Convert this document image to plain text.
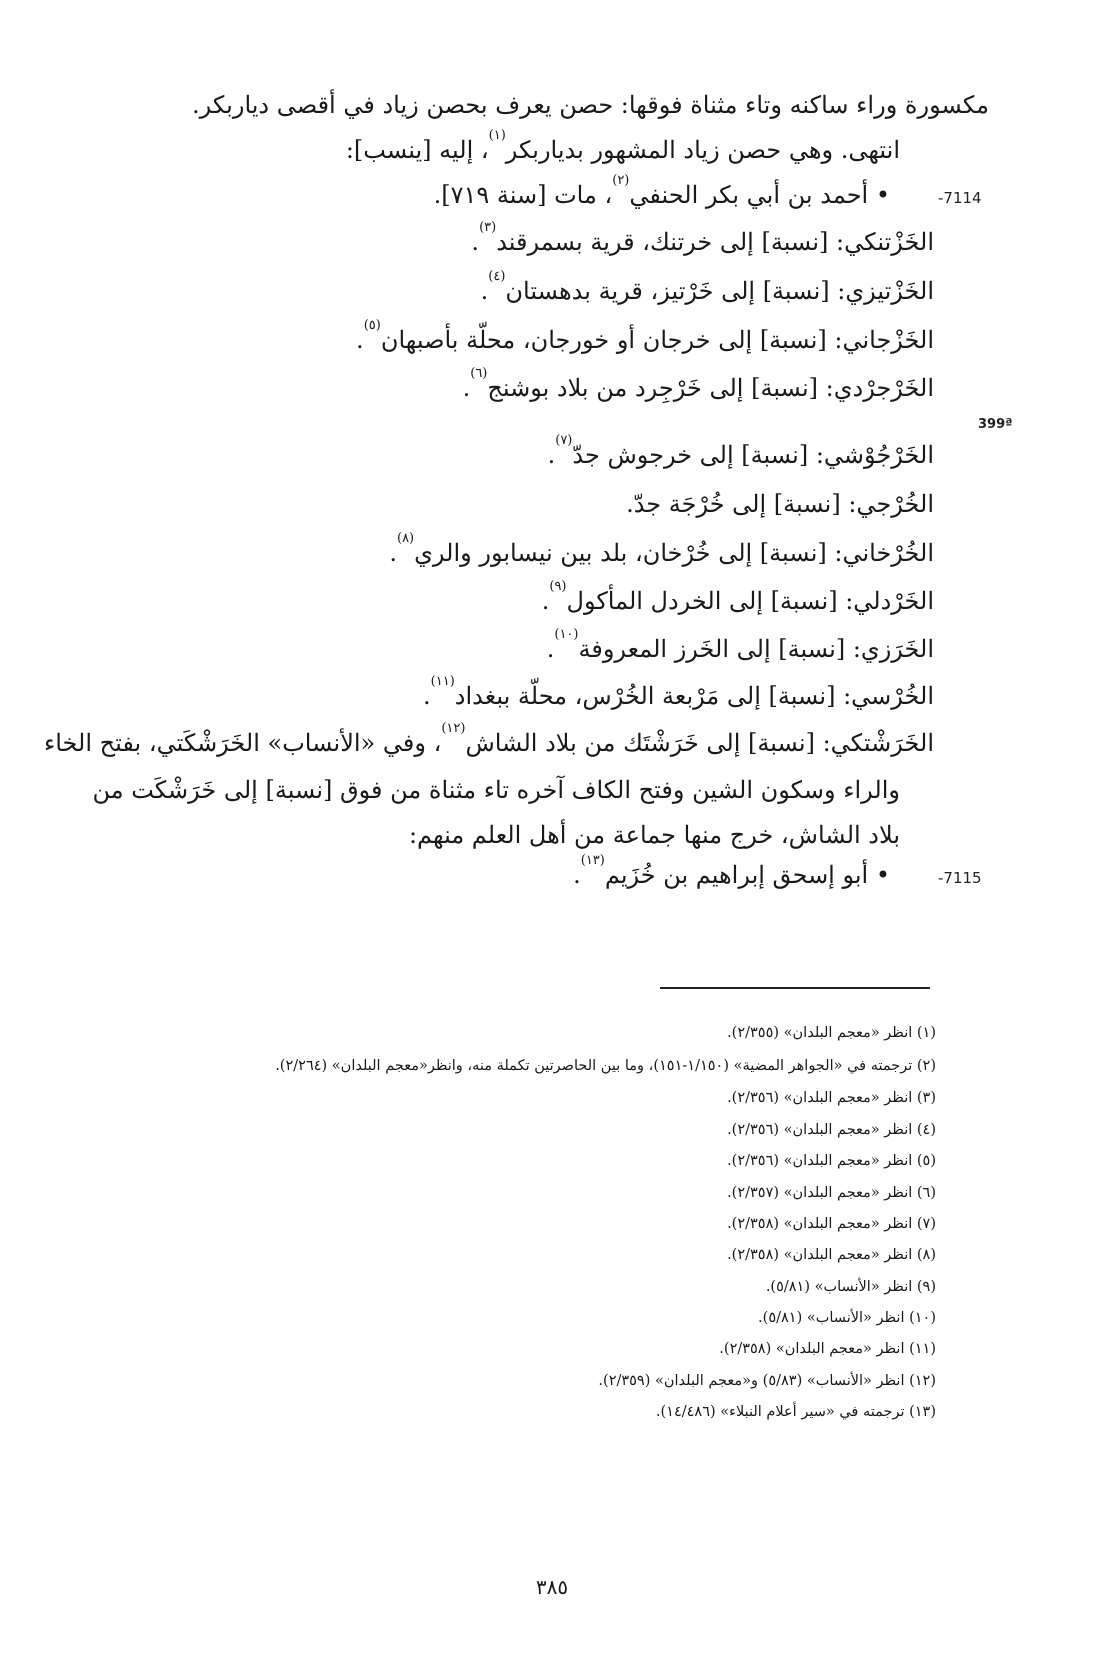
مكسورة وراء ساكنه وتاء مثناة فوقها: حصن يعرف بحصن زياد في أقصى دياربكر.

انتهى. وهي حصن زياد المشهور بدياربكر$^{(١)}$، إليه [ينسب]:

-7114

• أحمد بن أبي بكر الحنفي$^{(٢)}$، مات [سنة ٧١٩].

الخَزْتنكي: [نسبة] إلى خرتنك، قرية بسمرقند$^{(٣)}$.

الخَزْتيزي: [نسبة] إلى خَرْتيز، قرية بدهستان$^{(٤)}$.

الخَزْجاني: [نسبة] إلى خرجان أو خورجان، محلّة بأصبهان$^{(٥)}$.

الخَرْجرْدي: [نسبة] إلى خَرْجِرد من بلاد بوشنج$^{(٦)}$.

399ª

الخَرْجُوْشي: [نسبة] إلى خرجوش جدّ$^{(٧)}$.

الخُرْجي: [نسبة] إلى خُرْجَة جدّ.

الخُرْخاني: [نسبة] إلى خُرْخان، بلد بين نيسابور والري$^{(٨)}$.

الخَرْدلي: [نسبة] إلى الخردل المأكول$^{(٩)}$.

الخَرَزي: [نسبة] إلى الخَرز المعروفة$^{(١٠)}$.

الخُرْسي: [نسبة] إلى مَرْبعة الخُرْس، محلّة ببغداد$^{(١١)}$.

الخَرَشْتكي: [نسبة] إلى خَرَشْتَك من بلاد الشاش$^{(١٢)}$، وفي «الأنساب» الخَرَشْكَتي، بفتح الخاء

والراء وسكون الشين وفتح الكاف آخره تاء مثناة من فوق [نسبة] إلى خَرَشْكَت من

بلاد الشاش، خرج منها جماعة من أهل العلم منهم:

-7115

• أبو إسحق إبراهيم بن خُزَيم$^{(١٣)}$.

(١) انظر «معجم البلدان» (٢/٣٥٥).

(٢) ترجمته في «الجواهر المضية» (١/١٥٠-١٥١)، وما بين الحاصرتين تكملة منه، وانظر«معجم البلدان» (٢/٢٦٤).

(٣) انظر «معجم البلدان» (٢/٣٥٦).

(٤) انظر «معجم البلدان» (٢/٣٥٦).

(٥) انظر «معجم البلدان» (٢/٣٥٦).

(٦) انظر «معجم البلدان» (٢/٣٥٧).

(٧) انظر «معجم البلدان» (٢/٣٥٨).

(٨) انظر «معجم البلدان» (٢/٣٥٨).

(٩) انظر «الأنساب» (٥/٨١).

(١٠) انظر «الأنساب» (٥/٨١).

(١١) انظر «معجم البلدان» (٢/٣٥٨).

(١٢) انظر «الأنساب» (٥/٨٣) و«معجم البلدان» (٢/٣٥٩).

(١٣) ترجمته في «سير أعلام النبلاء» (١٤/٤٨٦).

٣٨٥
